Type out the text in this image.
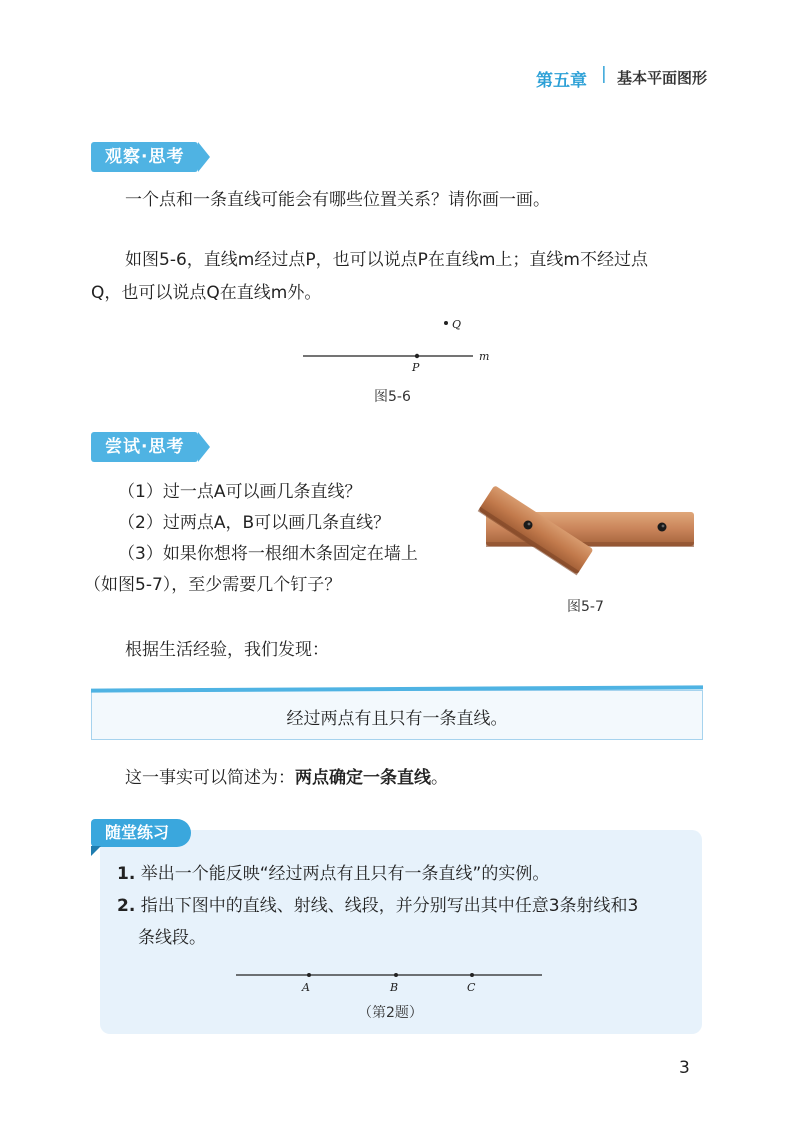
第五章 | 基本平面图形
观察·思考
一个点和一条直线可能会有哪些位置关系？请你画一画。
如图5-6，直线m经过点P，也可以说点P在直线m上；直线m不经过点
Q，也可以说点Q在直线m外。
Q
P
m
图5-6
尝试·思考
（1）过一点A可以画几条直线？
（2）过两点A，B可以画几条直线？
（3）如果你想将一根细木条固定在墙上
（如图5-7），至少需要几个钉子？
图5-7
根据生活经验，我们发现：
经过两点有且只有一条直线。
这一事实可以简述为：两点确定一条直线。
随堂练习
1. 举出一个能反映“经过两点有且只有一条直线”的实例。
2. 指出下图中的直线、射线、线段，并分别写出其中任意3条射线和3
条线段。
A	B	C
（第2题）
3
